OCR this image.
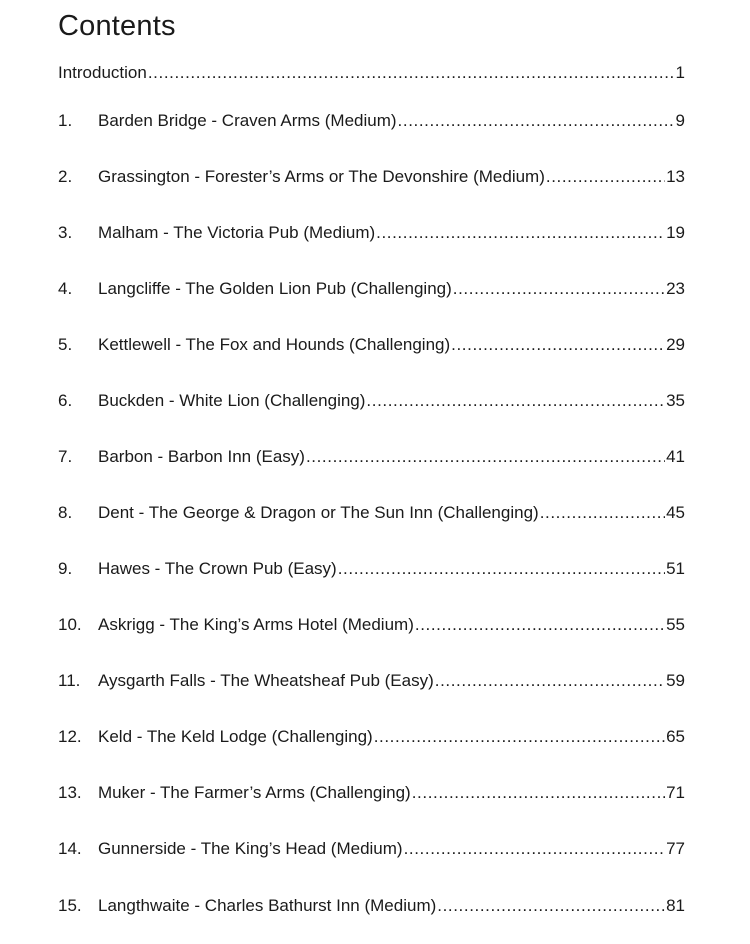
Contents
Introduction .....	1
1.	Barden Bridge - Craven Arms (Medium) .....	9
2.	Grassington - Forester’s Arms or The Devonshire (Medium) .....	13
3.	Malham - The Victoria Pub (Medium) .....	19
4.	Langcliffe - The Golden Lion Pub (Challenging) .....	23
5.	Kettlewell - The Fox and Hounds (Challenging) .....	29
6.	Buckden - White Lion (Challenging) .....	35
7.	Barbon - Barbon Inn (Easy) .....	41
8.	Dent - The George & Dragon or The Sun Inn (Challenging) .....	45
9.	Hawes - The Crown Pub (Easy) .....	51
10. Askrigg - The King’s Arms Hotel (Medium) .....	55
11.	Aysgarth Falls - The Wheatsheaf Pub (Easy) .....	59
12. Keld - The Keld Lodge (Challenging) .....	65
13. Muker - The Farmer’s Arms (Challenging) .....	71
14. Gunnerside - The King’s Head (Medium) .....	77
15. Langthwaite - Charles Bathurst Inn (Medium) .....	81
